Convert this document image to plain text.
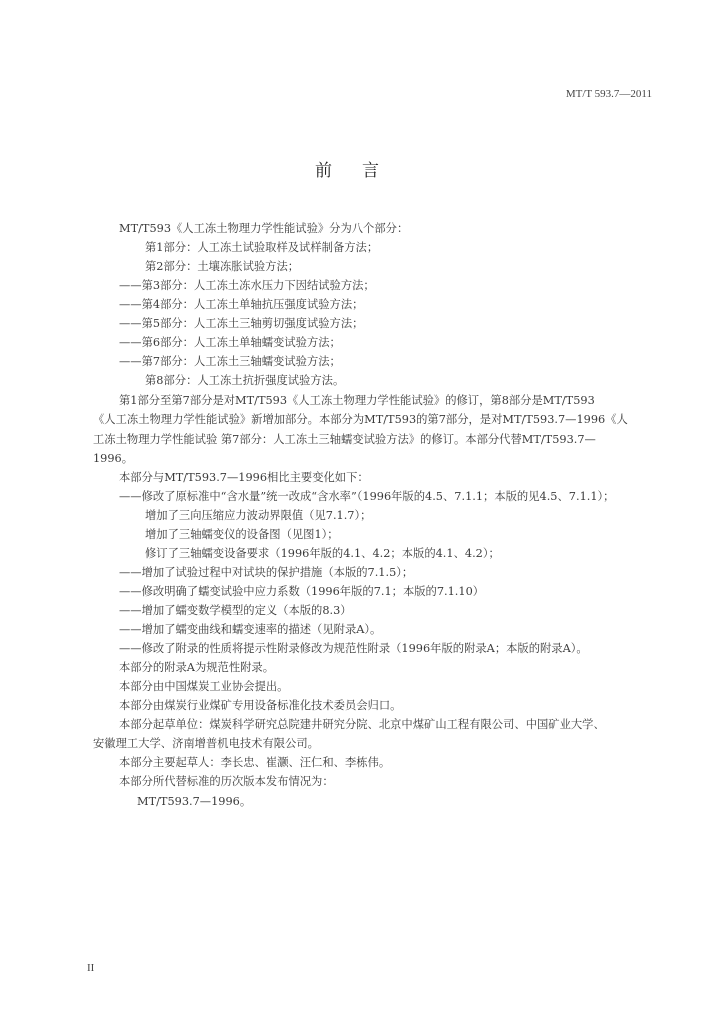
MT/T 593.7—2011
前言
MT/T593《人工冻土物理力学性能试验》分为八个部分：
第1部分：人工冻土试验取样及试样制备方法；
第2部分：土壤冻胀试验方法；
——第3部分：人工冻土冻水压力下因结试验方法；
——第4部分：人工冻土单轴抗压强度试验方法；
——第5部分：人工冻土三轴剪切强度试验方法；
——第6部分：人工冻土单轴蠕变试验方法；
——第7部分：人工冻土三轴蠕变试验方法；
第8部分：人工冻土抗折强度试验方法。
第1部分至第7部分是对MT/T593《人工冻土物理力学性能试验》的修订，第8部分是MT/T593
《人工冻土物理力学性能试验》新增加部分。本部分为MT/T593的第7部分，是对MT/T593.7—1996《人
工冻土物理力学性能试验 第7部分：人工冻土三轴蠕变试验方法》的修订。本部分代替MT/T593.7—
1996。
本部分与MT/T593.7—1996相比主要变化如下：
——修改了原标准中“含水量”统一改成“含水率”（1996年版的4.5、7.1.1；本版的见4.5、7.1.1）；
增加了三向压缩应力波动界限值（见7.1.7）；
增加了三轴蠕变仪的设备图（见图1）；
修订了三轴蠕变设备要求（1996年版的4.1、4.2；本版的4.1、4.2）；
——增加了试验过程中对试块的保护措施（本版的7.1.5）；
——修改明确了蠕变试验中应力系数（1996年版的7.1；本版的7.1.10）
——增加了蠕变数学模型的定义（本版的8.3）
——增加了蠕变曲线和蠕变速率的描述（见附录A）。
——修改了附录的性质将提示性附录修改为规范性附录（1996年版的附录A；本版的附录A）。
本部分的附录A为规范性附录。
本部分由中国煤炭工业协会提出。
本部分由煤炭行业煤矿专用设备标准化技术委员会归口。
本部分起草单位：煤炭科学研究总院建井研究分院、北京中煤矿山工程有限公司、中国矿业大学、
安徽理工大学、济南增普机电技术有限公司。
本部分主要起草人：李长忠、崔灏、汪仁和、李栋伟。
本部分所代替标准的历次版本发布情况为：
MT/T593.7—1996。
II
